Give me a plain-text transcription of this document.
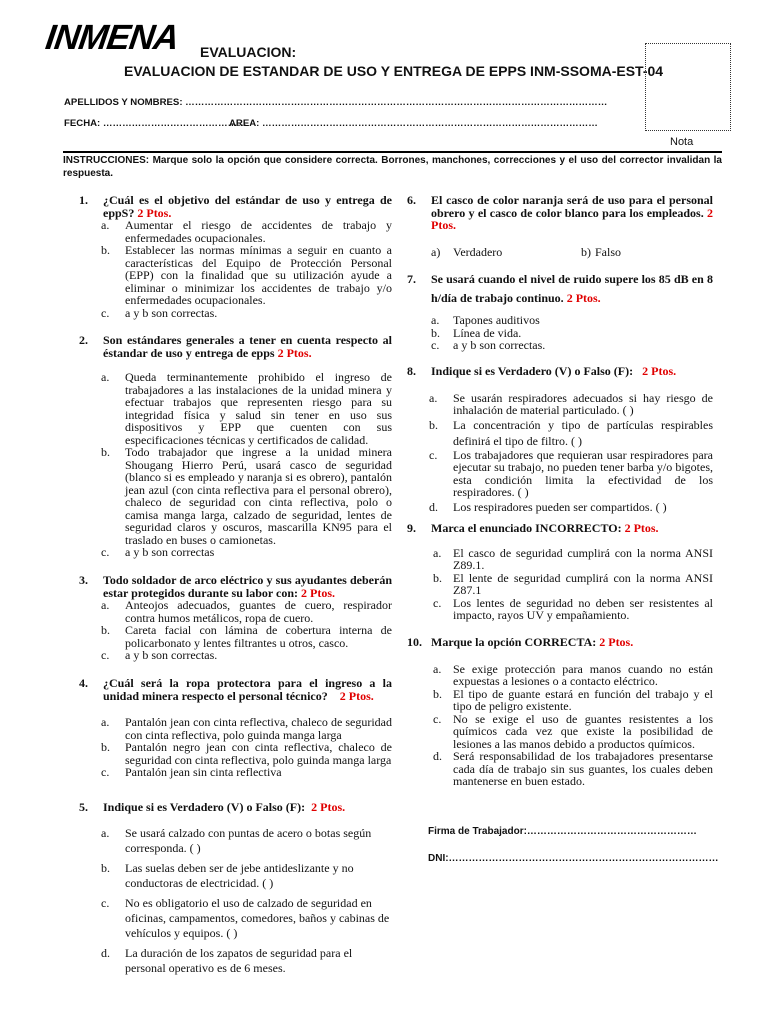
INMENA EVALUACION:
EVALUACION DE ESTANDAR DE USO Y ENTREGA DE EPPS INM-SSOMA-EST-04
APELLIDOS Y NOMBRES: ……………………………………………………………………………………………………………………
FECHA: ………………………………………
AREA: ……………………………………………………………………………………………
Nota
INSTRUCCIONES: Marque solo la opción que considere correcta. Borrones, manchones, correcciones y el uso del corrector invalidan la respuesta.
1.	¿Cuál es el objetivo del estándar de uso y entrega de eppS? 2 Ptos.
a.	Aumentar el riesgo de accidentes de trabajo y enfermedades ocupacionales.
b.	Establecer las normas mínimas a seguir en cuanto a características del Equipo de Protección Personal (EPP) con la finalidad que su utilización ayude a eliminar o minimizar los accidentes de trabajo y/o enfermedades ocupacionales.
c.	a y b son correctas.
2.	Son estándares generales a tener en cuenta respecto al éstandar de uso y entrega de epps 2 Ptos.
a.	Queda terminantemente prohibido el ingreso de trabajadores a las instalaciones de la unidad minera y efectuar trabajos que representen riesgo para su integridad física y salud sin tener en uso sus dispositivos y EPP que cuenten con sus especificaciones técnicas y certificados de calidad.
b.	Todo trabajador que ingrese a la unidad minera Shougang Hierro Perú, usará casco de seguridad (blanco si es empleado y naranja si es obrero), pantalón jean azul (con cinta reflectiva para el personal obrero), chaleco de seguridad con cinta reflectiva, polo o camisa manga larga, calzado de seguridad, lentes de seguridad claros y oscuros, mascarilla KN95 para el traslado en buses o camionetas.
c.	a y b son correctas
3.	Todo soldador de arco eléctrico y sus ayudantes deberán estar protegidos durante su labor con: 2 Ptos.
a.	Anteojos adecuados, guantes de cuero, respirador contra humos metálicos, ropa de cuero.
b.	Careta facial con lámina de cobertura interna de policarbonato y lentes filtrantes u otros, casco.
c.	a y b son correctas.
4.	¿Cuál será la ropa protectora para el ingreso a la unidad minera respecto el personal técnico? 2 Ptos.
a.	Pantalón jean con cinta reflectiva, chaleco de seguridad con cinta reflectiva, polo guinda manga larga
b.	Pantalón negro jean con cinta reflectiva, chaleco de seguridad con cinta reflectiva, polo guinda manga larga
c.	Pantalón jean sin cinta reflectiva
5.	Indique si es Verdadero (V) o Falso (F): 2 Ptos.
a.	Se usará calzado con puntas de acero o botas según corresponda. ( )
b.	Las suelas deben ser de jebe antideslizante y no conductoras de electricidad. ( )
c.	No es obligatorio el uso de calzado de seguridad en oficinas, campamentos, comedores, baños y cabinas de vehículos y equipos. ( )
d.	La duración de los zapatos de seguridad para el personal operativo es de 6 meses.
6.	El casco de color naranja será de uso para el personal obrero y el casco de color blanco para los empleados. 2 Ptos.
a)	Verdadero	b) Falso
7.	Se usará cuando el nivel de ruido supere los 85 dB en 8 h/día de trabajo continuo. 2 Ptos.
a.	Tapones auditivos
b.	Línea de vida.
c.	a y b son correctas.
8.	Indique si es Verdadero (V) o Falso (F): 2 Ptos.
a.	Se usarán respiradores adecuados si hay riesgo de inhalación de material particulado. ( )
b.	La concentración y tipo de partículas respirables definirá el tipo de filtro. ( )
c.	Los trabajadores que requieran usar respiradores para ejecutar su trabajo, no pueden tener barba y/o bigotes, esta condición limita la efectividad de los respiradores. ( )
d.	Los respiradores pueden ser compartidos. ( )
9.	Marca el enunciado INCORRECTO: 2 Ptos.
a. El casco de seguridad cumplirá con la norma ANSI Z89.1.
b. El lente de seguridad cumplirá con la norma ANSI Z87.1
c. Los lentes de seguridad no deben ser resistentes al impacto, rayos UV y empañamiento.
10. Marque la opción CORRECTA: 2 Ptos.
a. Se exige protección para manos cuando no están expuestas a lesiones o a contacto eléctrico.
b. El tipo de guante estará en función del trabajo y el tipo de peligro existente.
c. No se exige el uso de guantes resistentes a los químicos cada vez que existe la posibilidad de lesiones a las manos debido a productos químicos.
d. Será responsabilidad de los trabajadores presentarse cada día de trabajo sin sus guantes, los cuales deben mantenerse en buen estado.
Firma de Trabajador:……………………………………………
DNI:………………………………………………………………………
